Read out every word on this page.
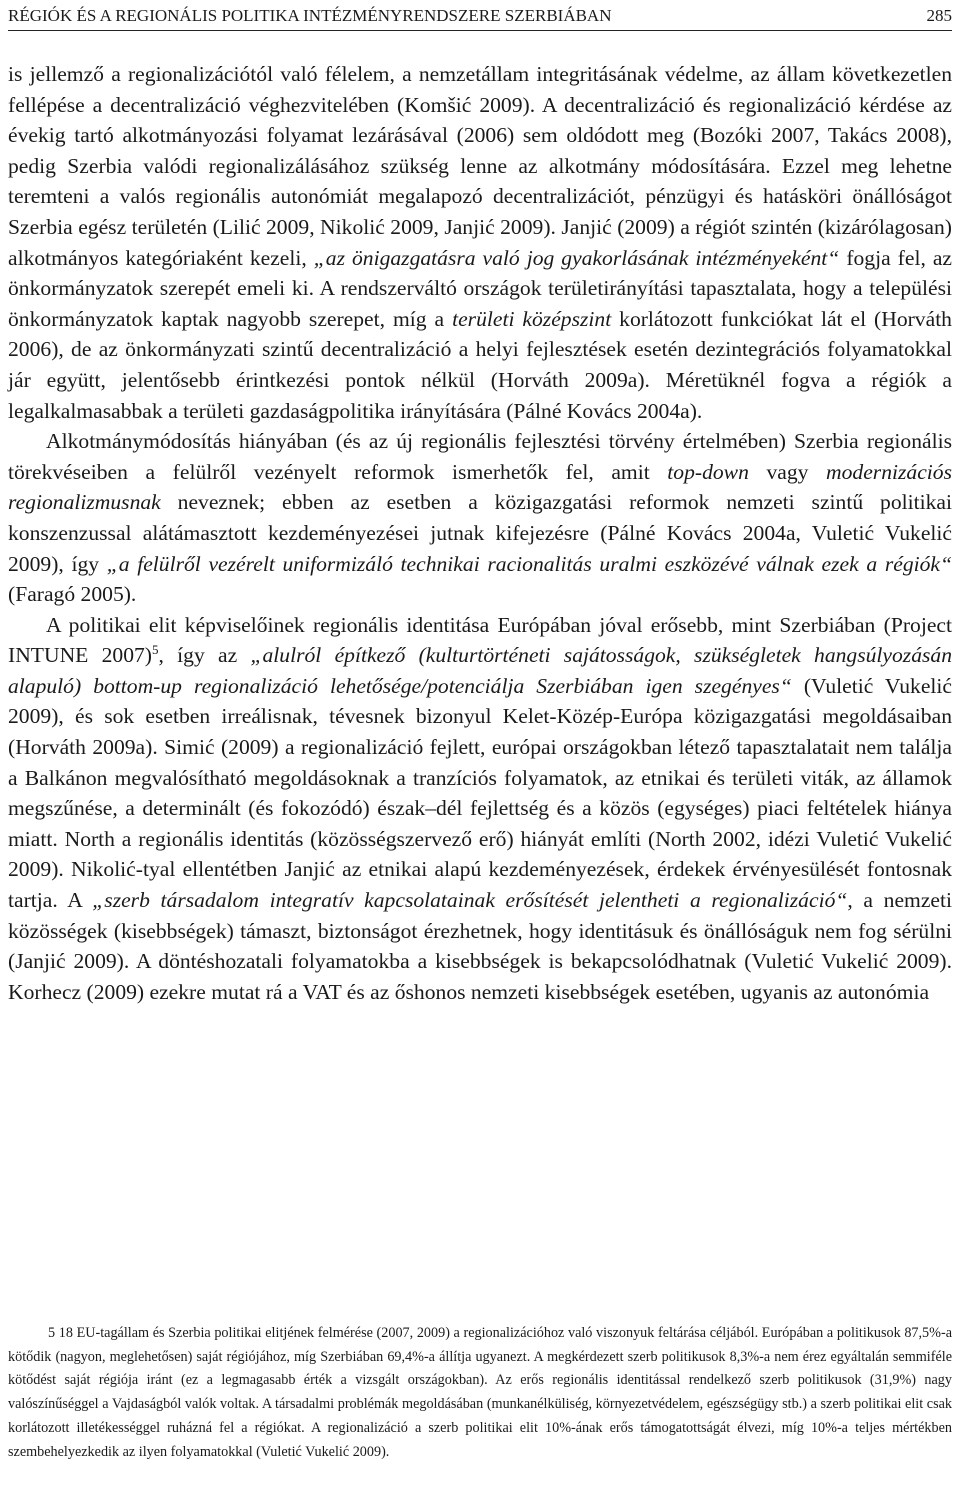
RÉGIÓK ÉS A REGIONÁLIS POLITIKA INTÉZMÉNYRENDSZERE SZERBIÁBAN	285

is jellemző a regionalizációtól való félelem, a nemzetállam integritásának védelme, az állam következetlen fellépése a decentralizáció véghezvitelében (Komšić 2009). A decentralizáció és regionalizáció kérdése az évekig tartó alkotmányozási folyamat lezárásával (2006) sem oldódott meg (Bozóki 2007, Takács 2008), pedig Szerbia valódi regionalizálásához szükség lenne az alkotmány módosítására. Ezzel meg lehetne teremteni a valós regionális autonómiát megalapozó decentralizációt, pénzügyi és hatásköri önállóságot Szerbia egész területén (Lilić 2009, Nikolić 2009, Janjić 2009). Janjić (2009) a régiót szintén (kizárólagosan) alkotmányos kategóriaként kezeli, „az önigazgatásra való jog gyakorlásának intézményeként“ fogja fel, az önkormányzatok szerepét emeli ki. A rendszerváltó országok területirányítási tapasztalata, hogy a települési önkormányzatok kaptak nagyobb szerepet, míg a területi középszint korlátozott funkciókat lát el (Horváth 2006), de az önkormányzati szintű decentralizáció a helyi fejlesztések esetén dezintegrációs folyamatokkal jár együtt, jelentősebb érintkezési pontok nélkül (Horváth 2009a). Méretüknél fogva a régiók a legalkalmasabbak a területi gazdaságpolitika irányítására (Pálné Kovács 2004a).

Alkotmánymódosítás hiányában (és az új regionális fejlesztési törvény értelmében) Szerbia regionális törekvéseiben a felülről vezényelt reformok ismerhetők fel, amit top-down vagy modernizációs regionalizmusnak neveznek; ebben az esetben a közigazgatási reformok nemzeti szintű politikai konszenzussal alátámasztott kezdeményezései jutnak kifejezésre (Pálné Kovács 2004a, Vuletić Vukelić 2009), így „a felülről vezérelt uniformizáló technikai racionalitás uralmi eszközévé válnak ezek a régiók“ (Faragó 2005).

A politikai elit képviselőinek regionális identitása Európában jóval erősebb, mint Szerbiában (Project INTUNE 2007)$^5$, így az „alulról építkező (kulturtörténeti sajátosságok, szükségletek hangsúlyozásán alapuló) bottom-up regionalizáció lehetősége/potenciálja Szerbiában igen szegényes“ (Vuletić Vukelić 2009), és sok esetben irreálisnak, tévesnek bizonyul Kelet-Közép-Európa közigazgatási megoldásaiban (Horváth 2009a). Simić (2009) a regionalizáció fejlett, európai országokban létező tapasztalatait nem találja a Balkánon megvalósítható megoldásoknak a tranzíciós folyamatok, az etnikai és területi viták, az államok megszűnése, a determinált (és fokozódó) észak–dél fejlettség és a közös (egységes) piaci feltételek hiánya miatt. North a regionális identitás (közösségszervező erő) hiányát említi (North 2002, idézi Vuletić Vukelić 2009). Nikolić-tyal ellentétben Janjić az etnikai alapú kezdeményezések, érdekek érvényesülését fontosnak tartja. A „szerb társadalom integratív kapcsolatainak erősítését jelentheti a regionalizáció“, a nemzeti közösségek (kisebbségek) támaszt, biztonságot érezhetnek, hogy identitásuk és önállóságuk nem fog sérülni (Janjić 2009). A döntéshozatali folyamatokba a kisebbségek is bekapcsolódhatnak (Vuletić Vukelić 2009). Korhecz (2009) ezekre mutat rá a VAT és az őshonos nemzeti kisebbségek esetében, ugyanis az autonómia

5 18 EU-tagállam és Szerbia politikai elitjének felmérése (2007, 2009) a regionalizációhoz való viszonyuk feltárása céljából. Európában a politikusok 87,5%-a kötődik (nagyon, meglehetősen) saját régiójához, míg Szerbiában 69,4%-a állítja ugyanezt. A megkérdezett szerb politikusok 8,3%-a nem érez egyáltalán semmiféle kötődést saját régiója iránt (ez a legmagasabb érték a vizsgált országokban). Az erős regionális identitással rendelkező szerb politikusok (31,9%) nagy valószínűséggel a Vajdaságból valók voltak. A társadalmi problémák megoldásában (munkanélküliség, környezetvédelem, egészségügy stb.) a szerb politikai elit csak korlátozott illetékességgel ruházná fel a régiókat. A regionalizáció a szerb politikai elit 10%-ának erős támogatottságát élvezi, míg 10%-a teljes mértékben szembehelyezkedik az ilyen folyamatokkal (Vuletić Vukelić 2009).
